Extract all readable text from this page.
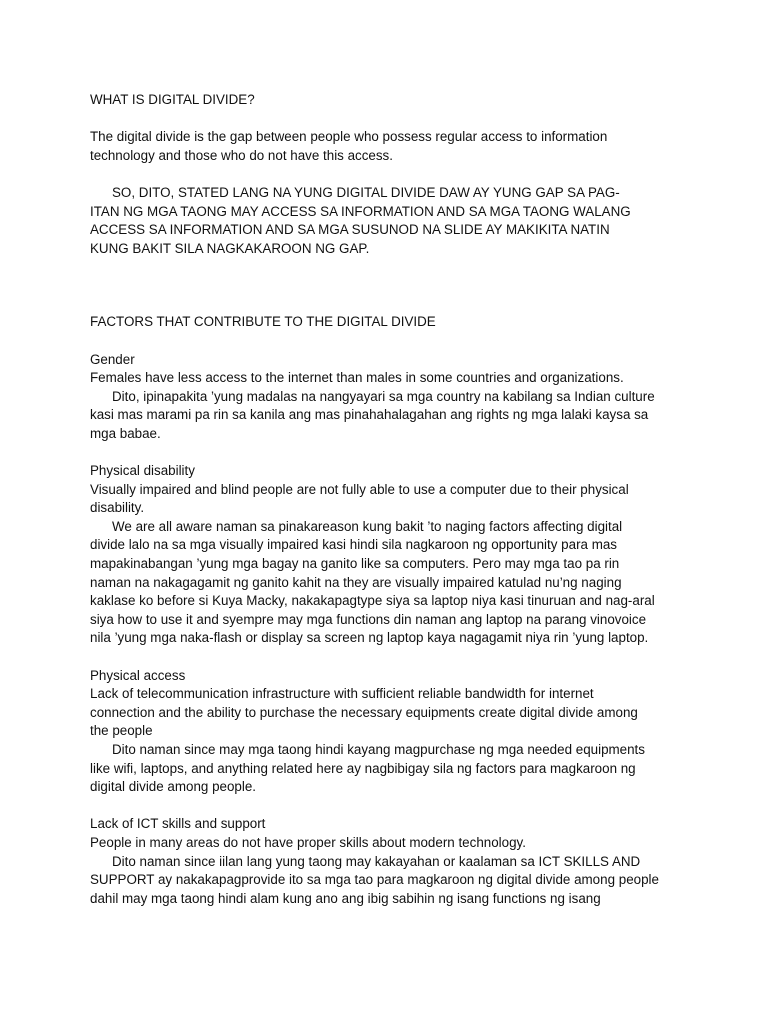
WHAT IS DIGITAL DIVIDE?

The digital divide is the gap between people who possess regular access to information
technology and those who do not have this access.

SO, DITO, STATED LANG NA YUNG DIGITAL DIVIDE DAW AY YUNG GAP SA PAG-
ITAN NG MGA TAONG MAY ACCESS SA INFORMATION AND SA MGA TAONG WALANG
ACCESS SA INFORMATION AND SA MGA SUSUNOD NA SLIDE AY MAKIKITA NATIN
KUNG BAKIT SILA NAGKAKAROON NG GAP.

FACTORS THAT CONTRIBUTE TO THE DIGITAL DIVIDE

Gender

Females have less access to the internet than males in some countries and organizations.

Dito, ipinapakita ’yung madalas na nangyayari sa mga country na kabilang sa Indian culture
kasi mas marami pa rin sa kanila ang mas pinahahalagahan ang rights ng mga lalaki kaysa sa
mga babae.

Physical disability

Visually impaired and blind people are not fully able to use a computer due to their physical
disability.

We are all aware naman sa pinakareason kung bakit ’to naging factors affecting digital
divide lalo na sa mga visually impaired kasi hindi sila nagkaroon ng opportunity para mas
mapakinabangan ’yung mga bagay na ganito like sa computers. Pero may mga tao pa rin
naman na nakagagamit ng ganito kahit na they are visually impaired katulad nu’ng naging
kaklase ko before si Kuya Macky, nakakapagtype siya sa laptop niya kasi tinuruan and nag-aral
siya how to use it and syempre may mga functions din naman ang laptop na parang vinovoice
nila ’yung mga naka-flash or display sa screen ng laptop kaya nagagamit niya rin ’yung laptop.

Physical access

Lack of telecommunication infrastructure with sufficient reliable bandwidth for internet
connection and the ability to purchase the necessary equipments create digital divide among
the people

Dito naman since may mga taong hindi kayang magpurchase ng mga needed equipments
like wifi, laptops, and anything related here ay nagbibigay sila ng factors para magkaroon ng
digital divide among people.

Lack of ICT skills and support

People in many areas do not have proper skills about modern technology.

Dito naman since iilan lang yung taong may kakayahan or kaalaman sa ICT SKILLS AND
SUPPORT ay nakakapagprovide ito sa mga tao para magkaroon ng digital divide among people
dahil may mga taong hindi alam kung ano ang ibig sabihin ng isang functions ng isang
